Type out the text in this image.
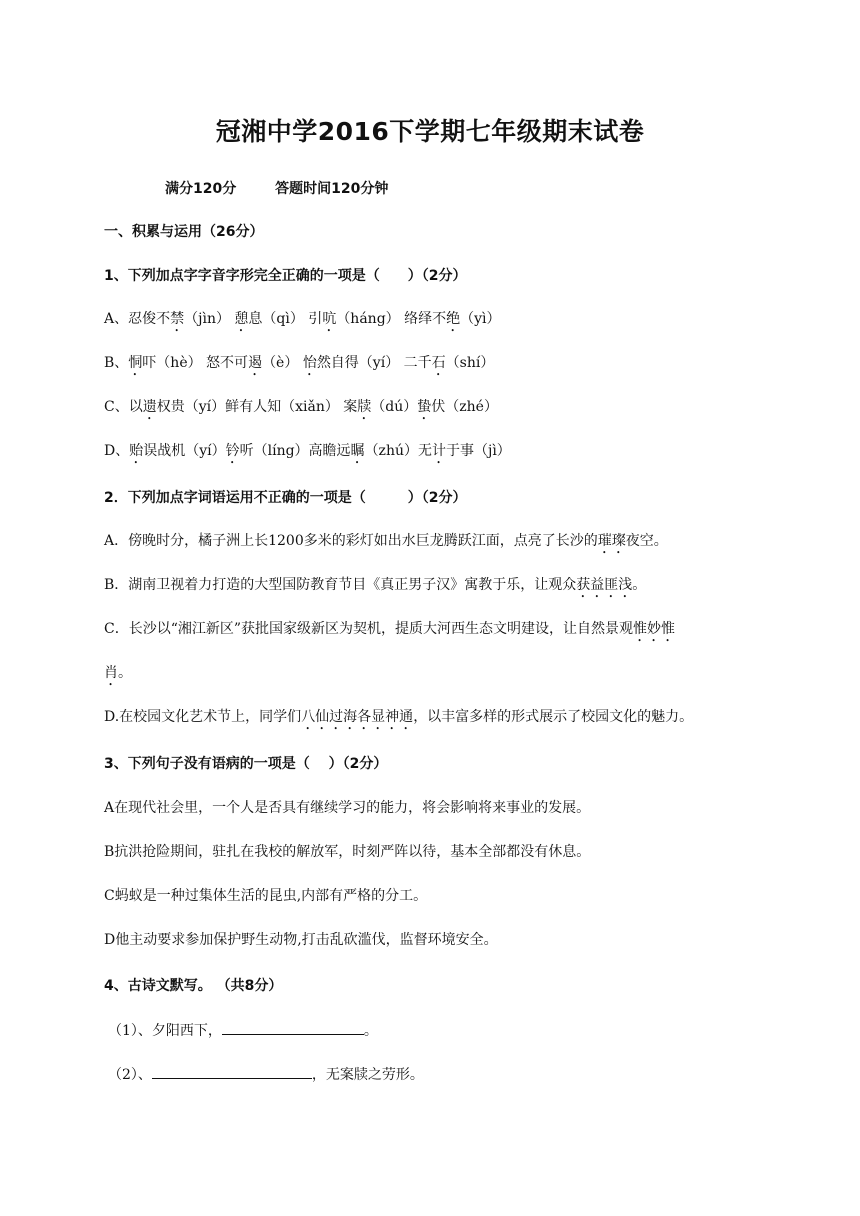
冠湘中学2016下学期七年级期末试卷
满分120分	答题时间120分钟
一、积累与运用（26分）
1、下列加点字字音字形完全正确的一项是（　　）（2分）
A、忍俊不禁（jìn） 憩息（qì） 引吭（háng） 络绎不绝（yì）
B、恫吓（hè） 怒不可遏（è） 怡然自得（yí） 二千石（shí）
C、以遗权贵（yí）鲜有人知（xiǎn） 案牍（dú）蛰伏（zhé）
D、贻误战机（yí）钤听（líng）高瞻远瞩（zhú）无计于事（jì）
2．下列加点字词语运用不正确的一项是（　　　）（2分）
A．傍晚时分，橘子洲上长1200多米的彩灯如出水巨龙腾跃江面，点亮了长沙的璀璨夜空。
B．湖南卫视着力打造的大型国防教育节目《真正男子汉》寓教于乐，让观众获益匪浅。
C．长沙以“湘江新区”获批国家级新区为契机，提质大河西生态文明建设，让自然景观惟妙惟
肖。
D.在校园文化艺术节上，同学们八仙过海各显神通，以丰富多样的形式展示了校园文化的魅力。
3、下列句子没有语病的一项是（　 ）（2分）
A在现代社会里，一个人是否具有继续学习的能力，将会影响将来事业的发展。
B抗洪抢险期间，驻扎在我校的解放军，时刻严阵以待，基本全部都没有休息。
C蚂蚁是一种过集体生活的昆虫,内部有严格的分工。
D他主动要求参加保护野生动物,打击乱砍滥伐，监督环境安全。
4、古诗文默写。 （共8分）
（1）、夕阳西下，	。
（2）、	，无案牍之劳形。
